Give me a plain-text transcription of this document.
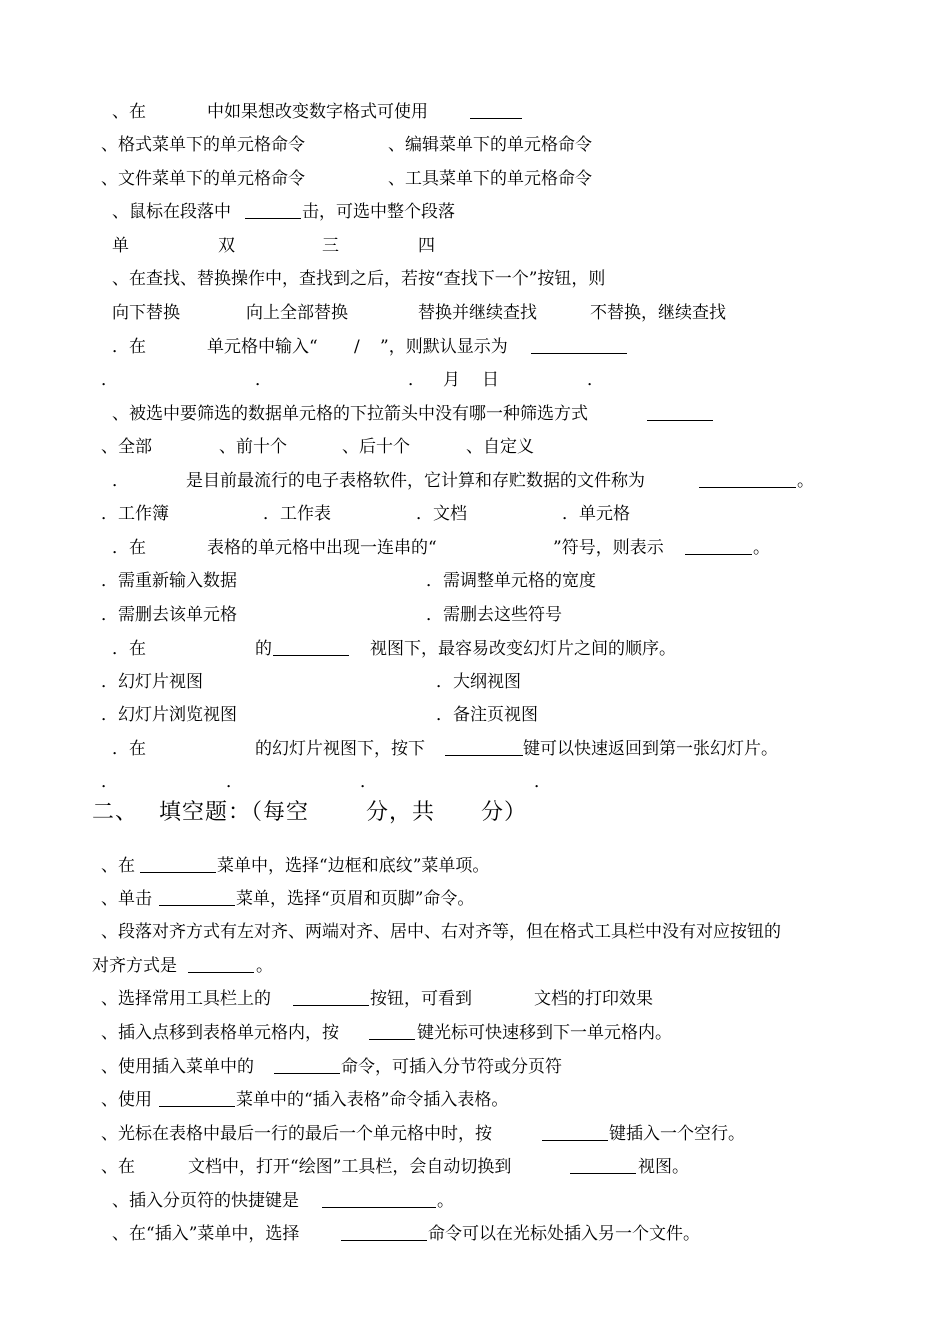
、在	中如果想改变数字格式可使用
、格式菜单下的单元格命令	、编辑菜单下的单元格命令
、文件菜单下的单元格命令	、工具菜单下的单元格命令
、鼠标在段落中	击，可选中整个段落
单	双	三	四
、在查找、替换操作中，查找到之后，若按“查找下一个”按钮，则
向下替换	向上全部替换	替换并继续查找	不替换，继续查找
．在	单元格中输入“ / ”，则默认显示为
．	．	． 月 日	．
、被选中要筛选的数据单元格的下拉箭头中没有哪一种筛选方式
、全部	、前十个	、后十个	、自定义
．	是目前最流行的电子表格软件，它计算和存贮数据的文件称为	。
．工作簿	．工作表	．文档	．单元格
．在	表格的单元格中出现一连串的“	”符号，则表示	。
．需重新输入数据	．需调整单元格的宽度
．需删去该单元格	．需删去这些符号
．在	的	视图下，最容易改变幻灯片之间的顺序。
．幻灯片视图	．大纲视图
．幻灯片浏览视图	．备注页视图
．在	的幻灯片视图下，按下	键可以快速返回到第一张幻灯片。
．	．	．	．
二、 填空题：（每空	分，共 分）
、在	菜单中，选择“边框和底纹”菜单项。
、单击	菜单，选择“页眉和页脚”命令。
、段落对齐方式有左对齐、两端对齐、居中、右对齐等，但在格式工具栏中没有对应按钮的
对齐方式是	。
、选择常用工具栏上的	按钮，可看到	文档的打印效果
、插入点移到表格单元格内，按	键光标可快速移到下一单元格内。
、使用插入菜单中的	命令，可插入分节符或分页符
、使用	菜单中的“插入表格”命令插入表格。
、光标在表格中最后一行的最后一个单元格中时，按	键插入一个空行。
、在	文档中，打开“绘图”工具栏，会自动切换到	视图。
、插入分页符的快捷键是	。
、在“插入”菜单中，选择	命令可以在光标处插入另一个文件。
